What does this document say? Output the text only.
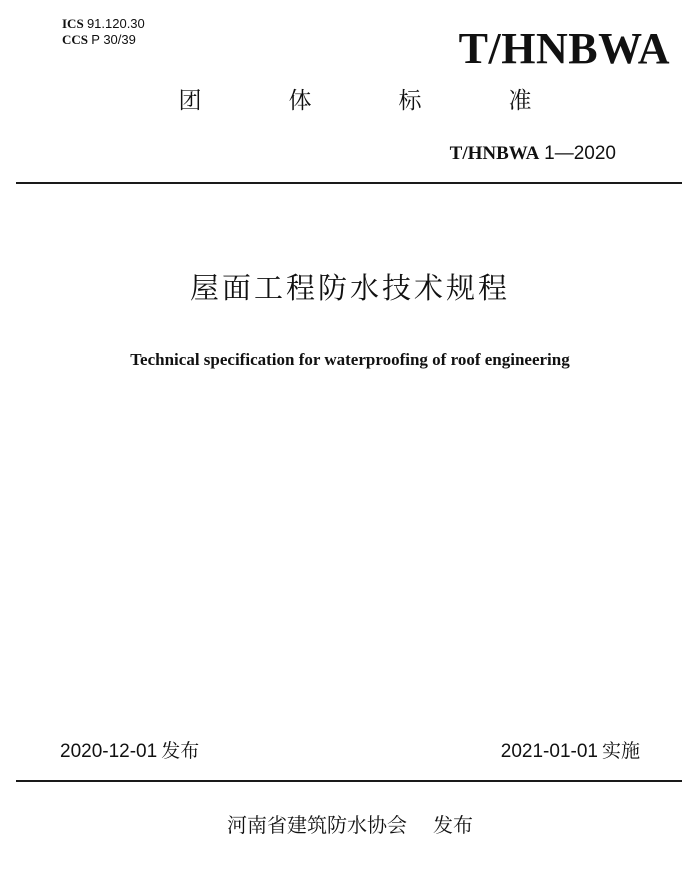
ICS 91.120.30
CCS P 30/39	T/HNBWA
团	体	标	准
T/HNBWA 1—2020
屋面工程防水技术规程
Technical specification for waterproofing of roof engineering
2020-12-01 发布	2021-01-01 实施
河南省建筑防水协会 发布
